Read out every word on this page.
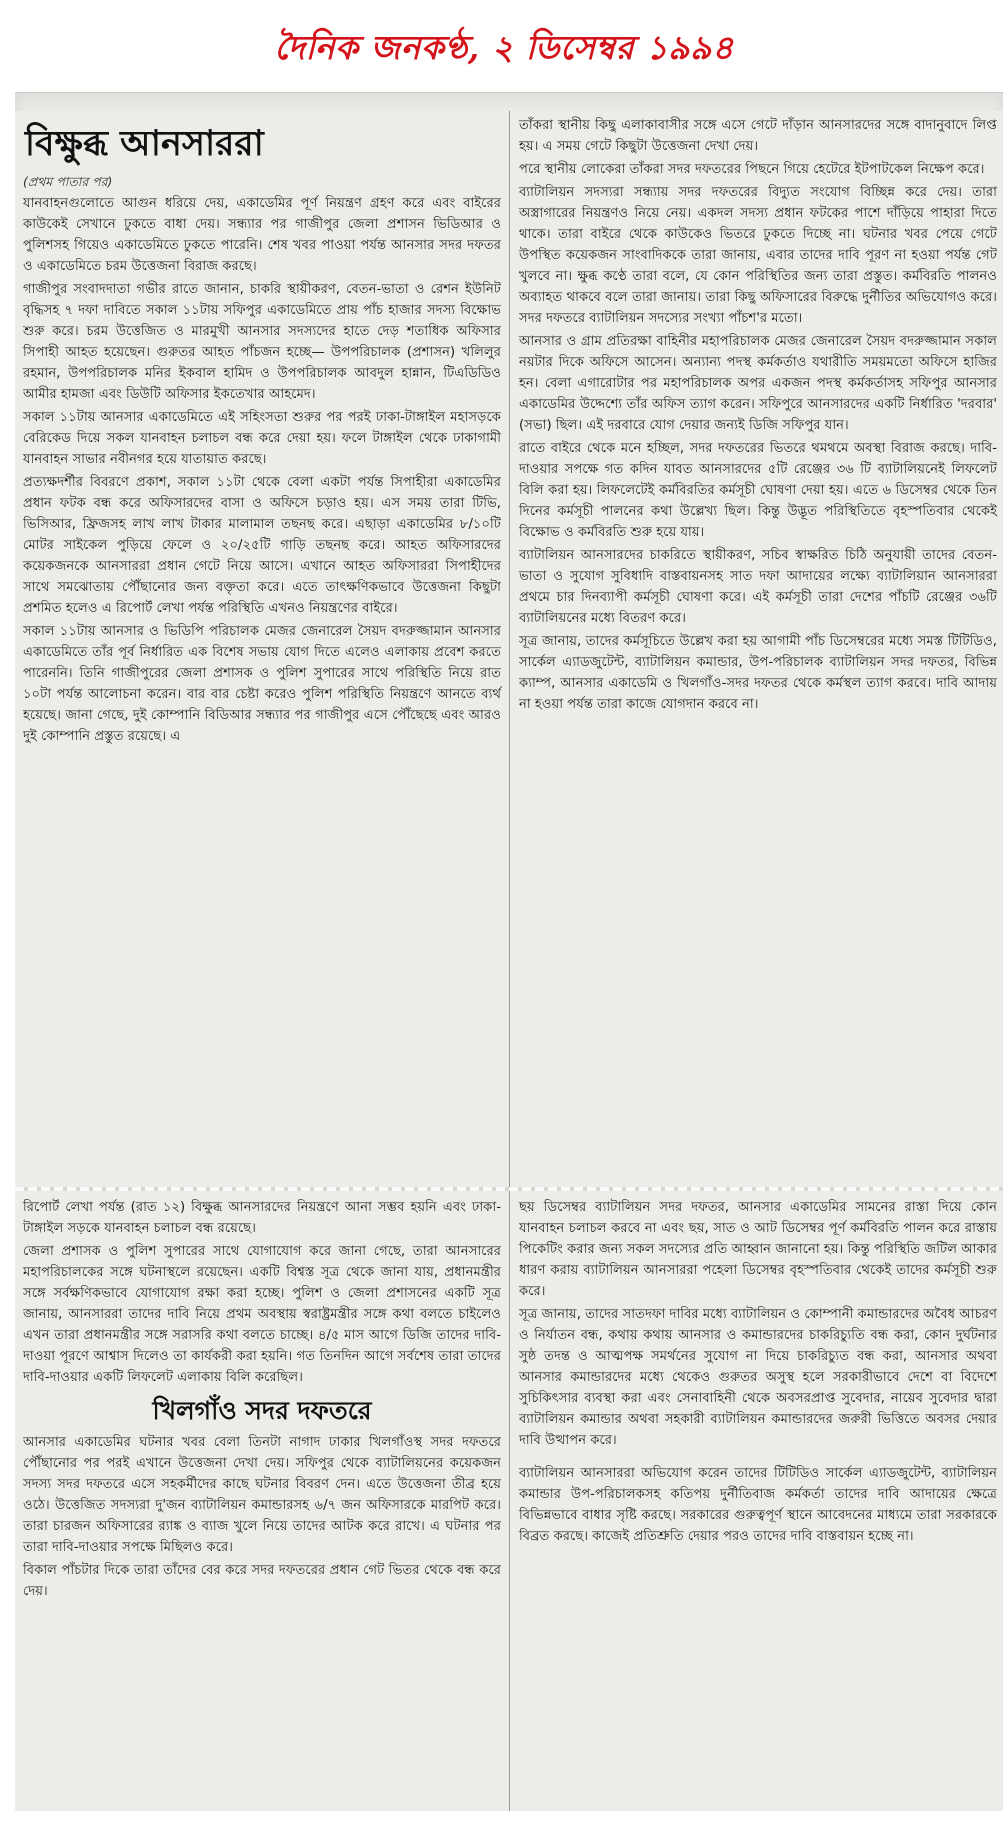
দৈনিক জনকণ্ঠ, ২ ডিসেম্বর ১৯৯৪
বিক্ষুব্ধ আনসাররা
(প্রথম পাতার পর)

যানবাহনগুলোতে আগুন ধরিয়ে দেয়, একাডেমির পূর্ণ নিয়ন্ত্রণ গ্রহণ করে এবং বাইরের কাউকেই সেখানে ঢুকতে বাধা দেয়। সন্ধ্যার পর গাজীপুর জেলা প্রশাসন ভিডিআর ও পুলিশসহ গিয়েও একাডেমিতে ঢুকতে পারেনি। শেষ খবর পাওয়া পর্যন্ত আনসার সদর দফতর ও একাডেমিতে চরম উত্তেজনা বিরাজ করছে।

গাজীপুর সংবাদদাতা গভীর রাতে জানান, চাকরি স্থায়ীকরণ, বেতন-ভাতা ও রেশন ইউনিট বৃদ্ধিসহ ৭ দফা দাবিতে সকাল ১১টায় সফিপুর একাডেমিতে প্রায় পাঁচ হাজার সদস্য বিক্ষোভ শুরু করে। চরম উত্তেজিত ও মারমুখী আনসার সদস্যদের হাতে দেড় শতাধিক অফিসার সিপাহী আহত হয়েছেন। গুরুতর আহত পাঁচজন হচ্ছে— উপপরিচালক (প্রশাসন) খলিলুর রহমান, উপপরিচালক মনির ইকবাল হামিদ ও উপপরিচালক আবদুল হান্নান, টিএডিডিও আমীর হামজা এবং ডিউটি অফিসার ইকতেখার আহমেদ।

সকাল ১১টায় আনসার একাডেমিতে এই সহিংসতা শুরুর পর পরই ঢাকা-টাঙ্গাইল মহাসড়কে বেরিকেড দিয়ে সকল যানবাহন চলাচল বন্ধ করে দেয়া হয়। ফলে টাঙ্গাইল থেকে ঢাকাগামী যানবাহন সাভার নবীনগর হয়ে যাতায়াত করছে।

প্রত্যক্ষদর্শীর বিবরণে প্রকাশ, সকাল ১১টা থেকে বেলা একটা পর্যন্ত সিপাহীরা একাডেমির প্রধান ফটক বন্ধ করে অফিসারদের বাসা ও অফিসে চড়াও হয়। এস সময় তারা টিভি, ভিসিআর, ফ্রিজসহ লাখ লাখ টাকার মালামাল তছনছ করে। এছাড়া একাডেমির ৮/১০টি মোটর সাইকেল পুড়িয়ে ফেলে ও ২০/২৫টি গাড়ি তছনছ করে। আহত অফিসারদের কয়েকজনকে আনসাররা প্রধান গেটে নিয়ে আসে। এখানে আহত অফিসাররা সিপাহীদের সাথে সমঝোতায় পৌঁছানোর জন্য বক্তৃতা করে। এতে তাৎক্ষণিকভাবে উত্তেজনা কিছুটা প্রশমিত হলেও এ রিপোর্ট লেখা পর্যন্ত পরিস্থিতি এখনও নিয়ন্ত্রণের বাইরে।

সকাল ১১টায় আনসার ও ভিডিপি পরিচালক মেজর জেনারেল সৈয়দ বদরুজ্জামান আনসার একাডেমিতে তাঁর পূর্ব নির্ধারিত এক বিশেষ সভায় যোগ দিতে এলেও এলাকায় প্রবেশ করতে পারেননি। তিনি গাজীপুরের জেলা প্রশাসক ও পুলিশ সুপারের সাথে পরিস্থিতি নিয়ে রাত ১০টা পর্যন্ত আলোচনা করেন। বার বার চেষ্টা করেও পুলিশ পরিস্থিতি নিয়ন্ত্রণে আনতে ব্যর্থ হয়েছে। জানা গেছে, দুই কোম্পানি বিডিআর সন্ধ্যার পর গাজীপুর এসে পৌঁছেছে এবং আরও দুই কোম্পানি প্রস্তুত রয়েছে। এ

তাঁকরা স্থানীয় কিছু এলাকাবাসীর সঙ্গে এসে গেটে দাঁড়ান আনসারদের সঙ্গে বাদানুবাদে লিপ্ত হয়। এ সময় গেটে কিছুটা উত্তেজনা দেখা দেয়।

পরে স্থানীয় লোকেরা তাঁকরা সদর দফতরের পিছনে গিয়ে হেটেরে ইটপাটকেল নিক্ষেপ করে।

ব্যাটালিয়ন সদস্যরা সন্ধ্যায় সদর দফতরের বিদ্যুত সংযোগ বিচ্ছিন্ন করে দেয়। তারা অস্ত্রাগারের নিয়ন্ত্রণও নিয়ে নেয়। একদল সদস্য প্রধান ফটকের পাশে দাঁড়িয়ে পাহারা দিতে থাকে। তারা বাইরে থেকে কাউকেও ভিতরে ঢুকতে দিচ্ছে না। ঘটনার খবর পেয়ে গেটে উপস্থিত কয়েকজন সাংবাদিককে তারা জানায়, এবার তাদের দাবি পূরণ না হওয়া পর্যন্ত গেট খুলবে না। ক্ষুব্ধ কণ্ঠে তারা বলে, যে কোন পরিস্থিতির জন্য তারা প্রস্তুত। কর্মবিরতি পালনও অব্যাহত থাকবে বলে তারা জানায়। তারা কিছু অফিসারের বিরুদ্ধে দুর্নীতির অভিযোগও করে। সদর দফতরে ব্যাটালিয়ন সদস্যের সংখ্যা পাঁচশ'র মতো।

আনসার ও গ্রাম প্রতিরক্ষা বাহিনীর মহাপরিচালক মেজর জেনারেল সৈয়দ বদরুজ্জামান সকাল নয়টার দিকে অফিসে আসেন। অন্যান্য পদস্থ কর্মকর্তাও যথারীতি সময়মতো অফিসে হাজির হন। বেলা এগারোটার পর মহাপরিচালক অপর একজন পদস্থ কর্মকর্তাসহ সফিপুর আনসার একাডেমির উদ্দেশ্যে তাঁর অফিস ত্যাগ করেন। সফিপুরে আনসারদের একটি নির্ধারিত 'দরবার' (সভা) ছিল। এই দরবারে যোগ দেয়ার জন্যই ডিজি সফিপুর যান।

রাতে বাইরে থেকে মনে হচ্ছিল, সদর দফতরের ভিতরে থমথমে অবস্থা বিরাজ করছে। দাবি-দাওয়ার সপক্ষে গত কদিন যাবত আনসারদের ৫টি রেঞ্জের ৩৬ টি ব্যাটালিয়নেই লিফলেট বিলি করা হয়। লিফলেটেই কর্মবিরতির কর্মসূচী ঘোষণা দেয়া হয়। এতে ৬ ডিসেম্বর থেকে তিন দিনের কর্মসূচী পালনের কথা উল্লেখ্য ছিল। কিন্তু উদ্ভূত পরিস্থিতিতে বৃহস্পতিবার থেকেই বিক্ষোভ ও কর্মবিরতি শুরু হয়ে যায়।

ব্যাটালিয়ন আনসারদের চাকরিতে স্থায়ীকরণ, সচিব স্বাক্ষরিত চিঠি অনুযায়ী তাদের বেতন-ভাতা ও সুযোগ সুবিধাদি বাস্তবায়নসহ সাত দফা আদায়ের লক্ষ্যে ব্যাটালিয়ান আনসাররা প্রথমে চার দিনব্যাপী কর্মসূচী ঘোষণা করে। এই কর্মসূচী তারা দেশের পাঁচটি রেঞ্জের ৩৬টি ব্যাটালিয়নের মধ্যে বিতরণ করে।

সূত্র জানায়, তাদের কর্মসূচিতে উল্লেখ করা হয় আগামী পাঁচ ডিসেম্বরের মধ্যে সমস্ত টিটিডিও, সার্কেল এ্যাডজুটেন্ট, ব্যাটালিয়ন কমান্ডার, উপ-পরিচালক ব্যাটালিয়ন সদর দফতর, বিভিন্ন ক্যাম্প, আনসার একাডেমি ও খিলগাঁও-সদর দফতর থেকে কর্মস্থল ত্যাগ করবে। দাবি আদায় না হওয়া পর্যন্ত তারা কাজে যোগদান করবে না।

রিপোর্ট লেখা পর্যন্ত (রাত ১২) বিক্ষুব্ধ আনসারদের নিয়ন্ত্রণে আনা সম্ভব হয়নি এবং ঢাকা-টাঙ্গাইল সড়কে যানবাহন চলাচল বন্ধ রয়েছে।

জেলা প্রশাসক ও পুলিশ সুপারের সাথে যোগাযোগ করে জানা গেছে, তারা আনসারের মহাপরিচালকের সঙ্গে ঘটনাস্থলে রয়েছেন। একটি বিশ্বস্ত সূত্র থেকে জানা যায়, প্রধানমন্ত্রীর সঙ্গে সর্বক্ষণিকভাবে যোগাযোগ রক্ষা করা হচ্ছে। পুলিশ ও জেলা প্রশাসনের একটি সূত্র জানায়, আনসাররা তাদের দাবি নিয়ে প্রথম অবস্থায় স্বরাষ্ট্রমন্ত্রীর সঙ্গে কথা বলতে চাইলেও এখন তারা প্রধানমন্ত্রীর সঙ্গে সরাসরি কথা বলতে চাচ্ছে। ৪/৫ মাস আগে ডিজি তাদের দাবি-দাওয়া পূরণে আশ্বাস দিলেও তা কার্যকরী করা হয়নি। গত তিনদিন আগে সর্বশেষ তারা তাদের দাবি-দাওয়ার একটি লিফলেট এলাকায় বিলি করেছিল।

খিলগাঁও সদর দফতরে

আনসার একাডেমির ঘটনার খবর বেলা তিনটা নাগাদ ঢাকার খিলগাঁওস্থ সদর দফতরে পৌঁছানোর পর পরই এখানে উত্তেজনা দেখা দেয়। সফিপুর থেকে ব্যাটালিয়নের কয়েকজন সদস্য সদর দফতরে এসে সহকর্মীদের কাছে ঘটনার বিবরণ দেন। এতে উত্তেজনা তীব্র হয়ে ওঠে। উত্তেজিত সদস্যরা দু'জন ব্যাটালিয়ন কমান্ডারসহ ৬/৭ জন অফিসারকে মারপিট করে। তারা চারজন অফিসারের র‍্যাঙ্ক ও ব্যাজ খুলে নিয়ে তাদের আটক করে রাখে। এ ঘটনার পর তারা দাবি-দাওয়ার সপক্ষে মিছিলও করে।

বিকাল পাঁচটার দিকে তারা তাঁদের বের করে সদর দফতরের প্রধান গেট ভিতর থেকে বন্ধ করে দেয়।

ছয় ডিসেম্বর ব্যাটালিয়ন সদর দফতর, আনসার একাডেমির সামনের রাস্তা দিয়ে কোন যানবাহন চলাচল করবে না এবং ছয়, সাত ও আট ডিসেম্বর পূর্ণ কর্মবিরতি পালন করে রাস্তায় পিকেটিং করার জন্য সকল সদস্যের প্রতি আহ্বান জানানো হয়। কিন্তু পরিস্থিতি জটিল আকার ধারণ করায় ব্যাটালিয়ন আনসাররা পহেলা ডিসেম্বর বৃহস্পতিবার থেকেই তাদের কর্মসূচী শুরু করে।

সূত্র জানায়, তাদের সাতদফা দাবির মধ্যে ব্যাটালিয়ন ও কোম্পানী কমান্ডারদের অবৈধ আচরণ ও নির্যাতন বন্ধ, কথায় কথায় আনসার ও কমান্ডারদের চাকরিচ্যুতি বন্ধ করা, কোন দুর্ঘটনার সুষ্ঠ তদন্ত ও আত্মপক্ষ সমর্থনের সুযোগ না দিয়ে চাকরিচ্যুত বন্ধ করা, আনসার অথবা আনসার কমান্ডারদের মধ্যে থেকেও গুরুতর অসুস্থ হলে সরকারীভাবে দেশে বা বিদেশে সুচিকিৎসার ব্যবস্থা করা এবং সেনাবাহিনী থেকে অবসরপ্রাপ্ত সুবেদার, নায়েব সুবেদার দ্বারা ব্যাটালিয়ন কমান্ডার অথবা সহকারী ব্যাটালিয়ন কমান্ডারদের জরুরী ভিত্তিতে অবসর দেয়ার দাবি উত্থাপন করে।

ব্যাটালিয়ন আনসাররা অভিযোগ করেন তাদের টিটিডিও সার্কেল এ্যাডজুটেন্ট, ব্যাটালিয়ন কমান্ডার উপ-পরিচালকসহ কতিপয় দুর্নীতিবাজ কর্মকর্তা তাদের দাবি আদায়ের ক্ষেত্রে বিভিন্নভাবে বাধার সৃষ্টি করছে। সরকারের গুরুত্বপূর্ণ স্থানে আবেদনের মাধ্যমে তারা সরকারকে বিব্রত করছে। কাজেই প্রতিশ্রুতি দেয়ার পরও তাদের দাবি বাস্তবায়ন হচ্ছে না।
